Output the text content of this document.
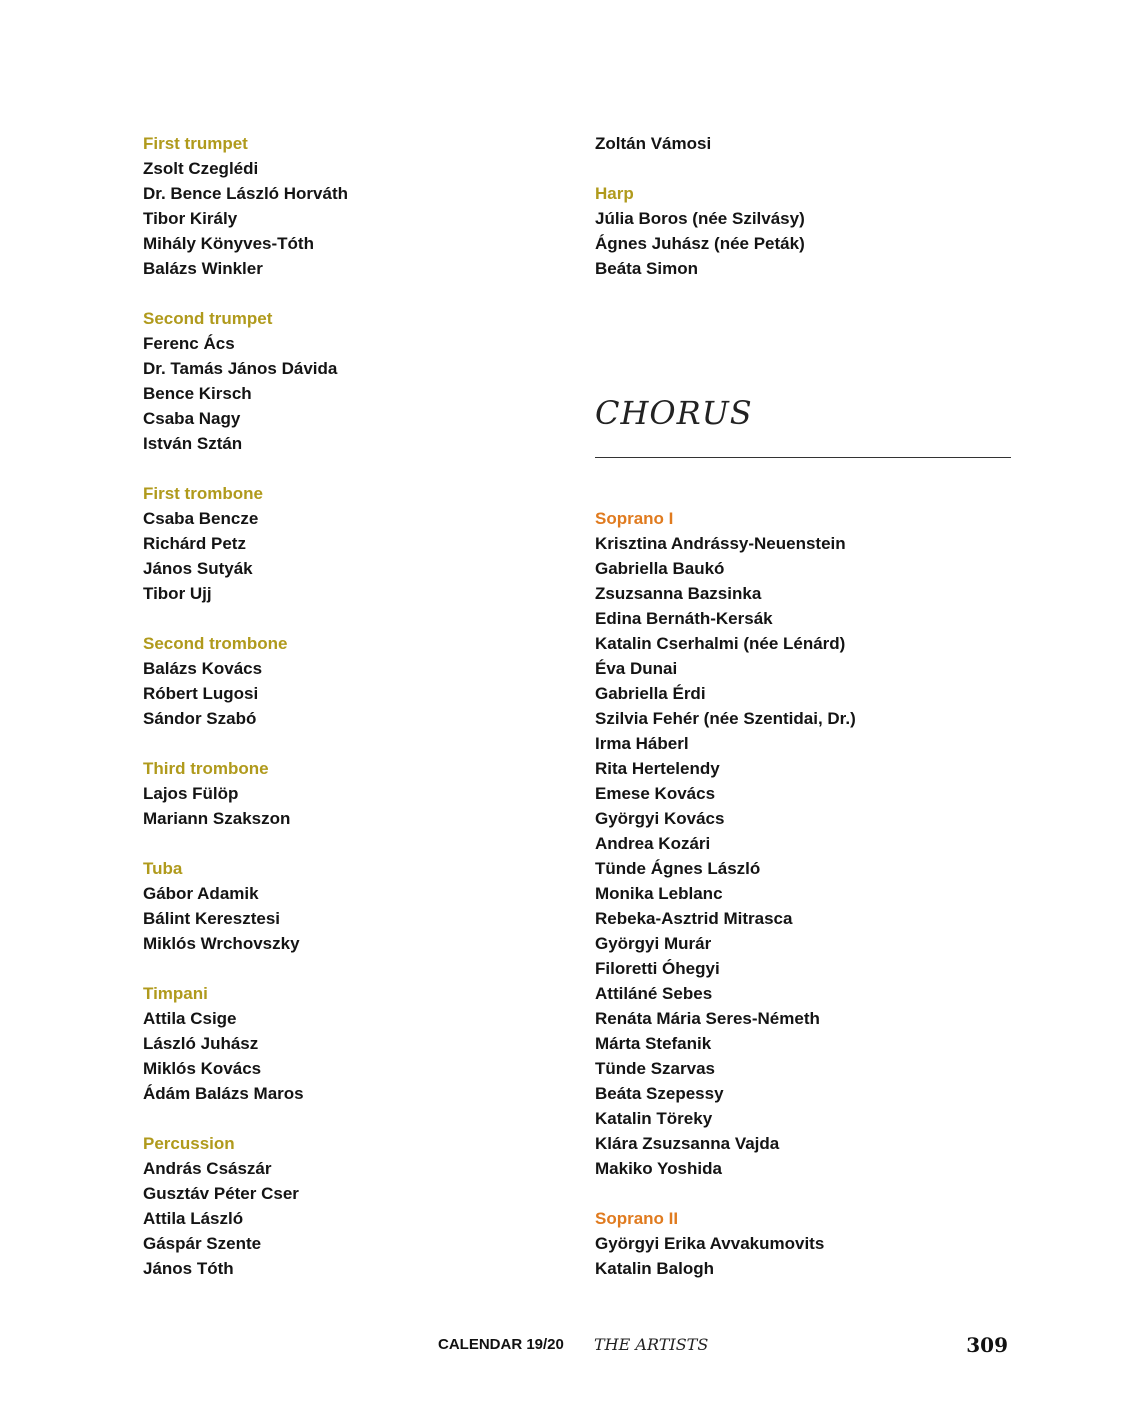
First trumpet
Zsolt Czeglédi
Dr. Bence László Horváth
Tibor Király
Mihály Könyves-Tóth
Balázs Winkler
Second trumpet
Ferenc Ács
Dr. Tamás János Dávida
Bence Kirsch
Csaba Nagy
István Sztán
First trombone
Csaba Bencze
Richárd Petz
János Sutyák
Tibor Ujj
Second trombone
Balázs Kovács
Róbert Lugosi
Sándor Szabó
Third trombone
Lajos Fülöp
Mariann Szakszon
Tuba
Gábor Adamik
Bálint Keresztesi
Miklós Wrchovszky
Timpani
Attila Csige
László Juhász
Miklós Kovács
Ádám Balázs Maros
Percussion
András Császár
Gusztáv Péter Cser
Attila László
Gáspár Szente
János Tóth
Zoltán Vámosi
Harp
Júlia Boros (née Szilvásy)
Ágnes Juhász (née Peták)
Beáta Simon
CHORUS
Soprano I
Krisztina Andrássy-Neuenstein
Gabriella Baukó
Zsuzsanna Bazsinka
Edina Bernáth-Kersák
Katalin Cserhalmi (née Lénárd)
Éva Dunai
Gabriella Érdi
Szilvia Fehér (née Szentidai, Dr.)
Irma Háberl
Rita Hertelendy
Emese Kovács
Györgyi Kovács
Andrea Kozári
Tünde Ágnes László
Monika Leblanc
Rebeka-Asztrid Mitrasca
Györgyi Murár
Filoretti Óhegyi
Attiláné Sebes
Renáta Mária Seres-Németh
Márta Stefanik
Tünde Szarvas
Beáta Szepessy
Katalin Töreky
Klára Zsuzsanna Vajda
Makiko Yoshida
Soprano II
Györgyi Erika Avvakumovits
Katalin Balogh
CALENDAR 19/20 THE ARTISTS	309
